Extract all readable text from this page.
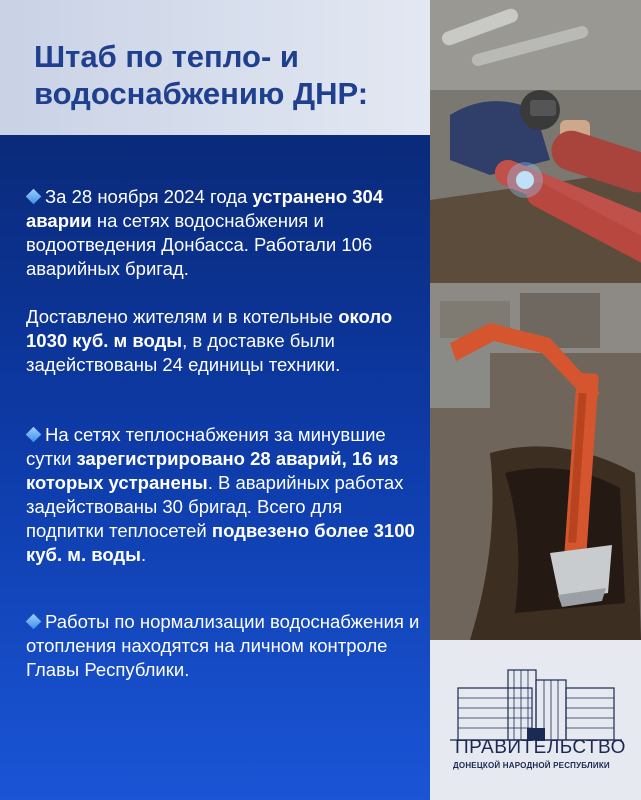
Штаб по тепло- и водоснабжению ДНР:
За 28 ноября 2024 года устранено 304 аварии на сетях водоснабжения и водоотведения Донбасса. Работали 106 аварийных бригад.
Доставлено жителям и в котельные около 1030 куб. м воды, в доставке были задействованы 24 единицы техники.
На сетях теплоснабжения за минувшие сутки зарегистрировано 28 аварий, 16 из которых устранены. В аварийных работах задействованы 30 бригад. Всего для подпитки теплосетей подвезено более 3100 куб. м. воды.
Работы по нормализации водоснабжения и отопления находятся на личном контроле Главы Республики.
ПРАВИТЕЛЬСТВО
ДОНЕЦКОЙ НАРОДНОЙ РЕСПУБЛИКИ
